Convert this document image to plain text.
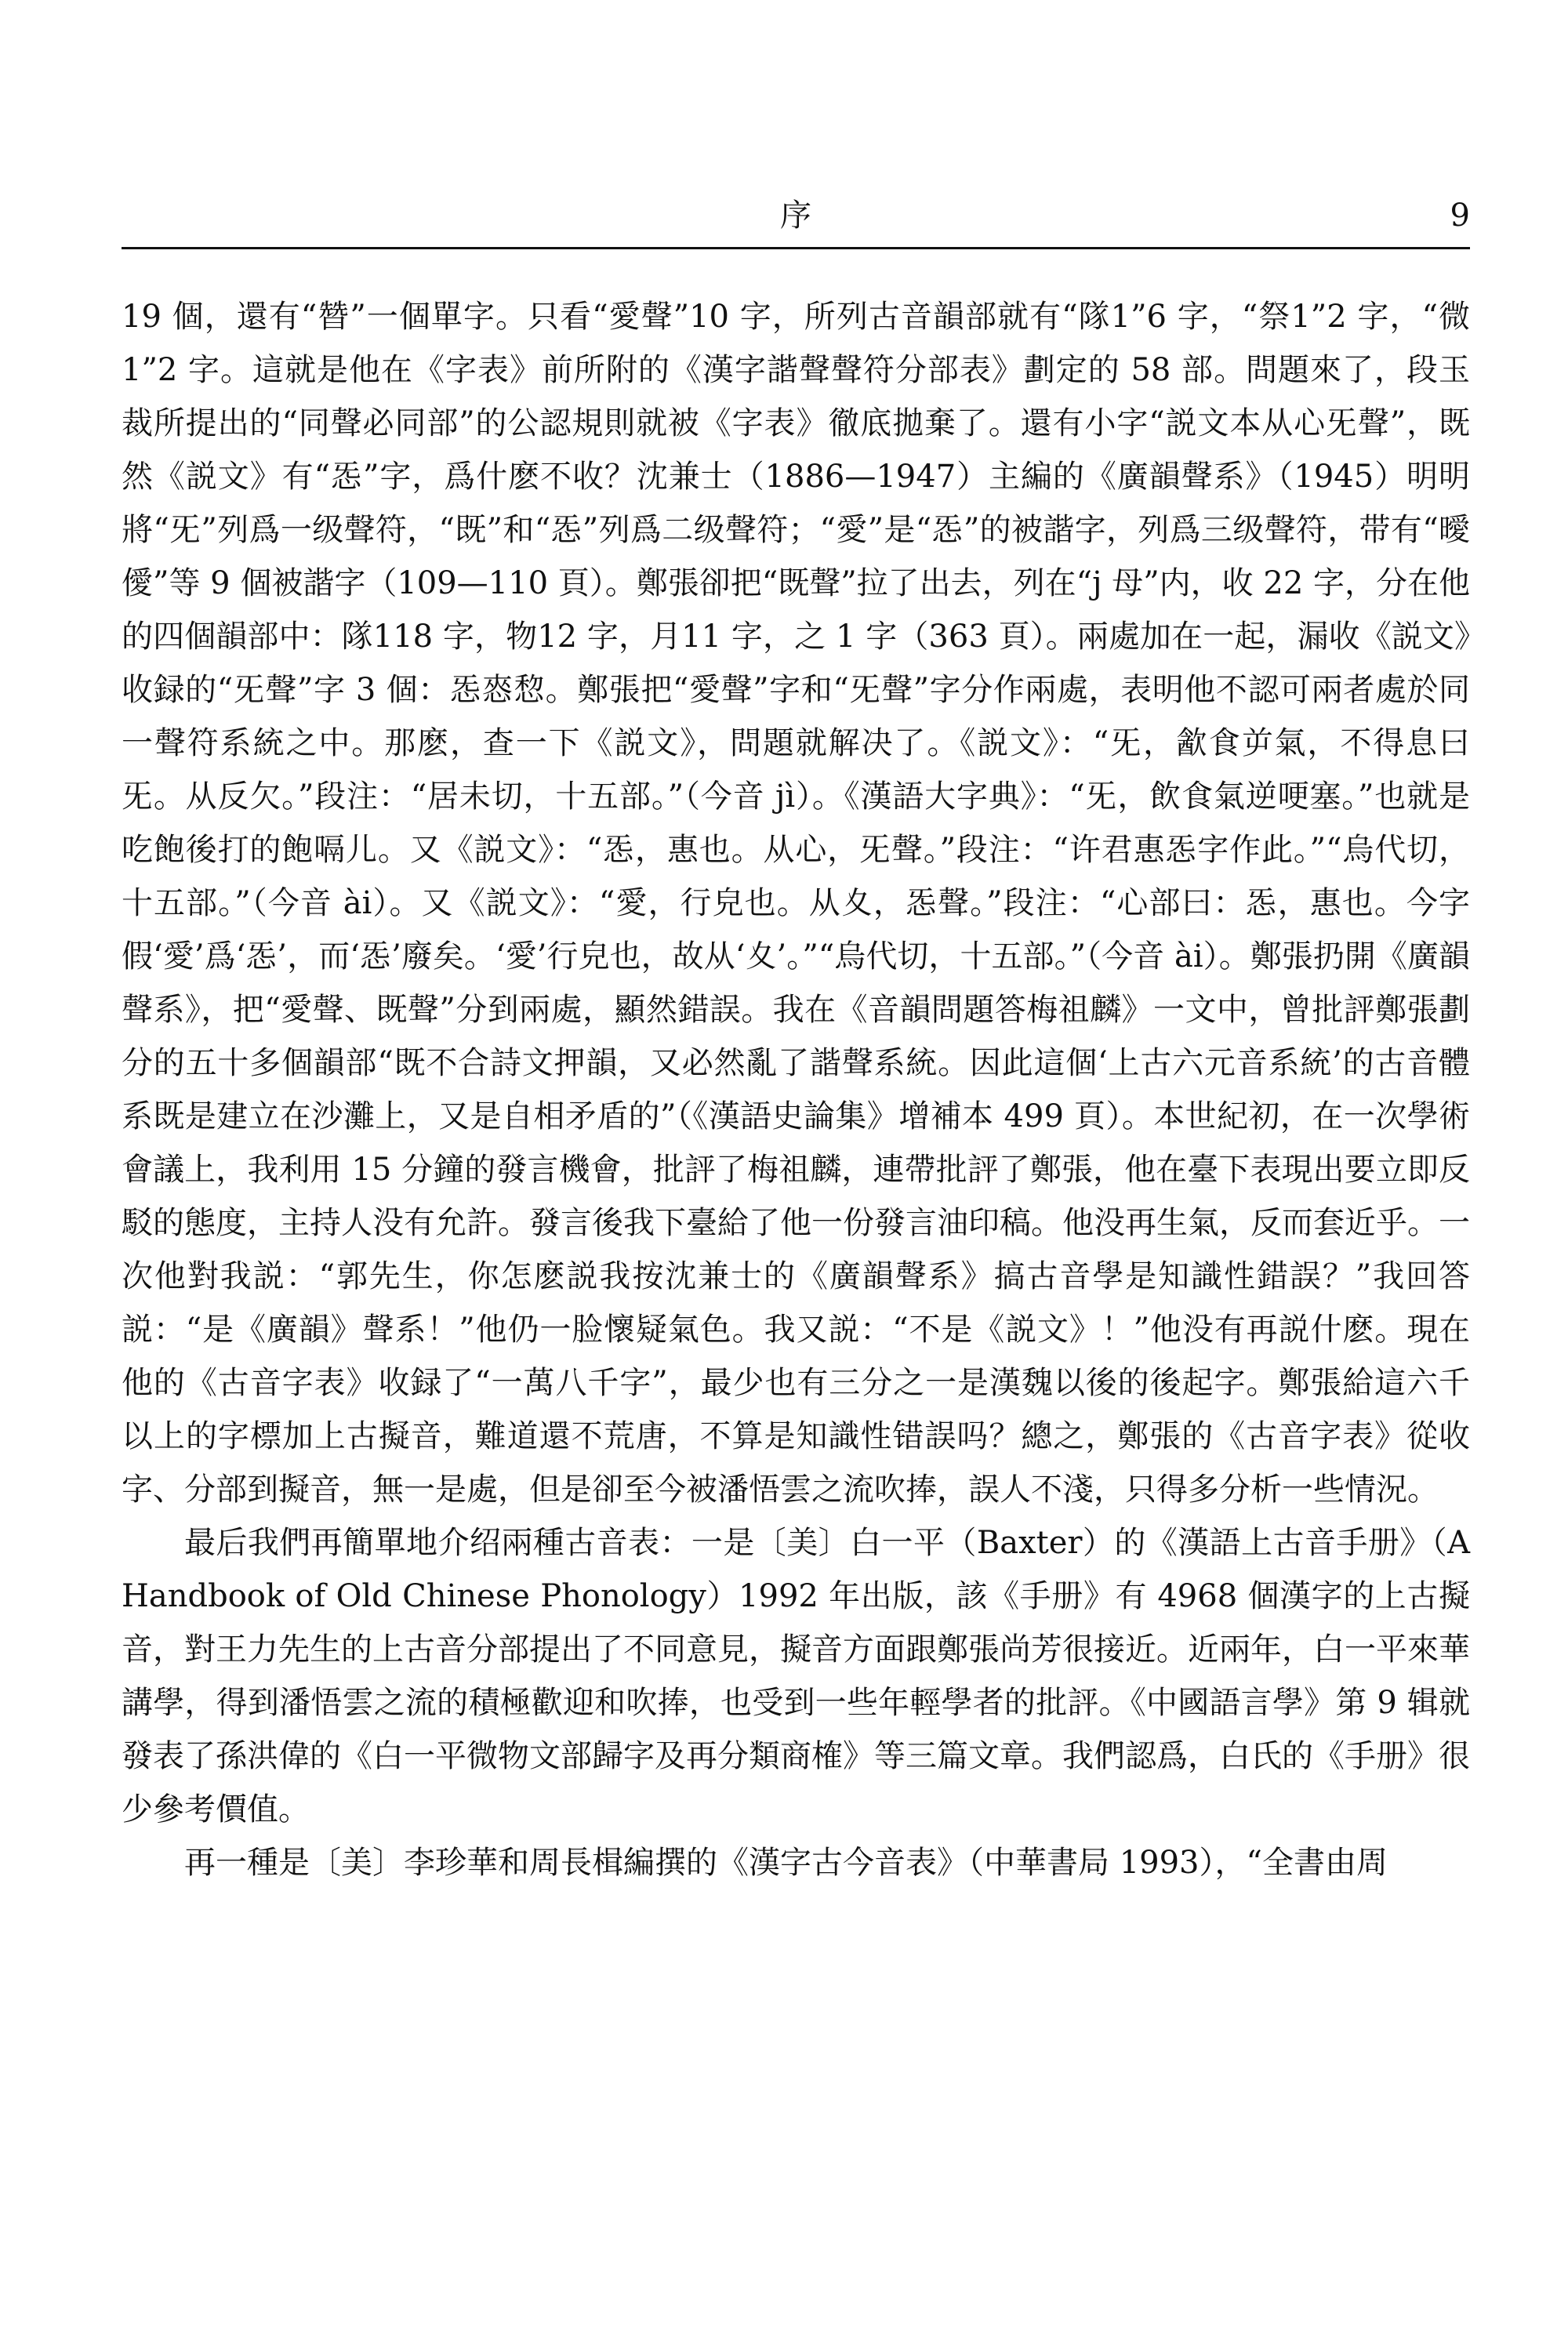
序	9

19 個，還有“㬱”一個單字。只看“愛聲”10 字，所列古音韻部就有“隊1”6 字，“祭1”2 字，“微1”2 字。這就是他在《字表》前所附的《漢字諧聲聲符分部表》劃定的 58 部。問題來了，段玉裁所提出的“同聲必同部”的公認規則就被《字表》徹底拋棄了。還有小字“説文本从心旡聲”，既然《説文》有“㤅”字，爲什麽不收？沈兼士（1886—1947）主編的《廣韻聲系》（1945）明明將“旡”列爲一级聲符，“既”和“㤅”列爲二级聲符；“愛”是“㤅”的被諧字，列爲三级聲符，带有“曖僾”等 9 個被諧字（109—110 頁）。鄭張卻把“既聲”拉了出去，列在“j 母”内，收 22 字，分在他的四個韻部中：隊118 字，物12 字，月11 字，之 1 字（363 頁）。兩處加在一起，漏收《説文》收録的“旡聲”字 3 個：㤅㤲㥎。鄭張把“愛聲”字和“旡聲”字分作兩處，表明他不認可兩者處於同一聲符系統之中。那麽，查一下《説文》，問題就解决了。《説文》：“旡，㱃食屰氣，不得息曰旡。从反欠。”段注：“居未切，十五部。”（今音 jì）。《漢語大字典》：“旡，飲食氣逆哽塞。”也就是吃飽後打的飽嗝儿。又《説文》：“㤅，惠也。从心，旡聲。”段注：“许君惠㤅字作此。”“烏代切，十五部。”（今音 ài）。又《説文》：“愛，行皃也。从夊，㤅聲。”段注：“心部曰：㤅，惠也。今字假‘愛’爲‘㤅’，而‘㤅’廢矣。‘愛’行皃也，故从‘夊’。”“烏代切，十五部。”（今音 ài）。鄭張扔開《廣韻聲系》，把“愛聲、既聲”分到兩處，顯然錯誤。我在《音韻問題答梅祖麟》一文中，曾批評鄭張劃分的五十多個韻部“既不合詩文押韻，又必然亂了諧聲系統。因此這個‘上古六元音系統’的古音體系既是建立在沙灘上，又是自相矛盾的”（《漢語史論集》增補本 499 頁）。本世紀初，在一次學術會議上，我利用 15 分鐘的發言機會，批評了梅祖麟，連帶批評了鄭張，他在臺下表現出要立即反駁的態度，主持人没有允許。發言後我下臺給了他一份發言油印稿。他没再生氣，反而套近乎。一次他對我説：“郭先生，你怎麽説我按沈兼士的《廣韻聲系》搞古音學是知識性錯誤？”我回答説：“是《廣韻》聲系！”他仍一脸懷疑氣色。我又説：“不是《説文》！”他没有再説什麽。現在他的《古音字表》收録了“一萬八千字”，最少也有三分之一是漢魏以後的後起字。鄭張給這六千以上的字標加上古擬音，難道還不荒唐，不算是知識性错誤吗？總之，鄭張的《古音字表》從收字、分部到擬音，無一是處，但是卻至今被潘悟雲之流吹捧，誤人不淺，只得多分析一些情況。

最后我們再簡單地介绍兩種古音表：一是〔美〕白一平（Baxter）的《漢語上古音手册》（A Handbook of Old Chinese Phonology）1992 年出版，該《手册》有 4968 個漢字的上古擬音，對王力先生的上古音分部提出了不同意見，擬音方面跟鄭張尚芳很接近。近兩年，白一平來華講學，得到潘悟雲之流的積極歡迎和吹捧，也受到一些年輕學者的批評。《中國語言學》第 9 辑就發表了孫洪偉的《白一平微物文部歸字及再分類商榷》等三篇文章。我們認爲，白氏的《手册》很少參考價值。

再一種是〔美〕李珍華和周長楫編撰的《漢字古今音表》（中華書局 1993），“全書由周
